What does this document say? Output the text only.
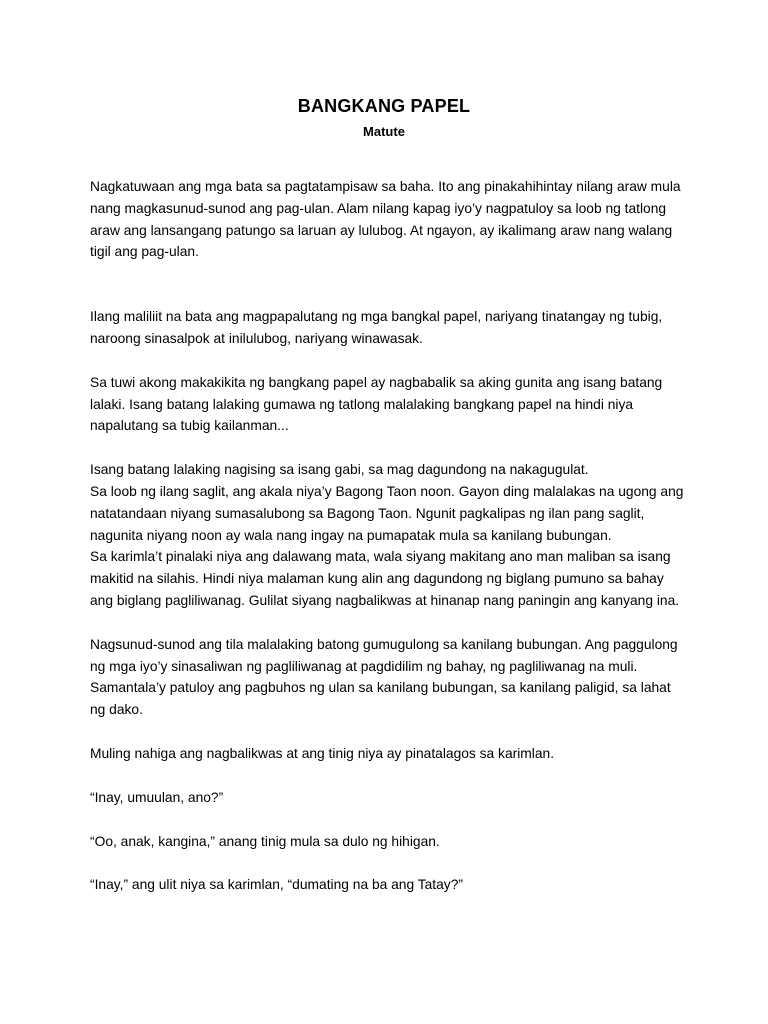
BANGKANG PAPEL
Matute

Nagkatuwaan ang mga bata sa pagtatampisaw sa baha. Ito ang pinakahihintay nilang araw mula
nang magkasunud-sunod ang pag-ulan. Alam nilang kapag iyo’y nagpatuloy sa loob ng tatlong
araw ang lansangang patungo sa laruan ay lulubog. At ngayon, ay ikalimang araw nang walang
tigil ang pag-ulan.

Ilang maliliit na bata ang magpapalutang ng mga bangkal papel, nariyang tinatangay ng tubig,
naroong sinasalpok at inilulubog, nariyang winawasak.

Sa tuwi akong makakikita ng bangkang papel ay nagbabalik sa aking gunita ang isang batang
lalaki. Isang batang lalaking gumawa ng tatlong malalaking bangkang papel na hindi niya
napalutang sa tubig kailanman...

Isang batang lalaking nagising sa isang gabi, sa mag dagundong na nakagugulat.
Sa loob ng ilang saglit, ang akala niya’y Bagong Taon noon. Gayon ding malalakas na ugong ang
natatandaan niyang sumasalubong sa Bagong Taon. Ngunit pagkalipas ng ilan pang saglit,
nagunita niyang noon ay wala nang ingay na pumapatak mula sa kanilang bubungan.
Sa karimla’t pinalaki niya ang dalawang mata, wala siyang makitang ano man maliban sa isang
makitid na silahis. Hindi niya malaman kung alin ang dagundong ng biglang pumuno sa bahay
ang biglang pagliliwanag. Gulilat siyang nagbalikwas at hinanap nang paningin ang kanyang ina.

Nagsunud-sunod ang tila malalaking batong gumugulong sa kanilang bubungan. Ang paggulong
ng mga iyo’y sinasaliwan ng pagliliwanag at pagdidilim ng bahay, ng pagliliwanag na muli.
Samantala’y patuloy ang pagbuhos ng ulan sa kanilang bubungan, sa kanilang paligid, sa lahat
ng dako.

Muling nahiga ang nagbalikwas at ang tinig niya ay pinatalagos sa karimlan.

“Inay, umuulan, ano?”

“Oo, anak, kangina,” anang tinig mula sa dulo ng hihigan.

“Inay,” ang ulit niya sa karimlan, “dumating na ba ang Tatay?”
